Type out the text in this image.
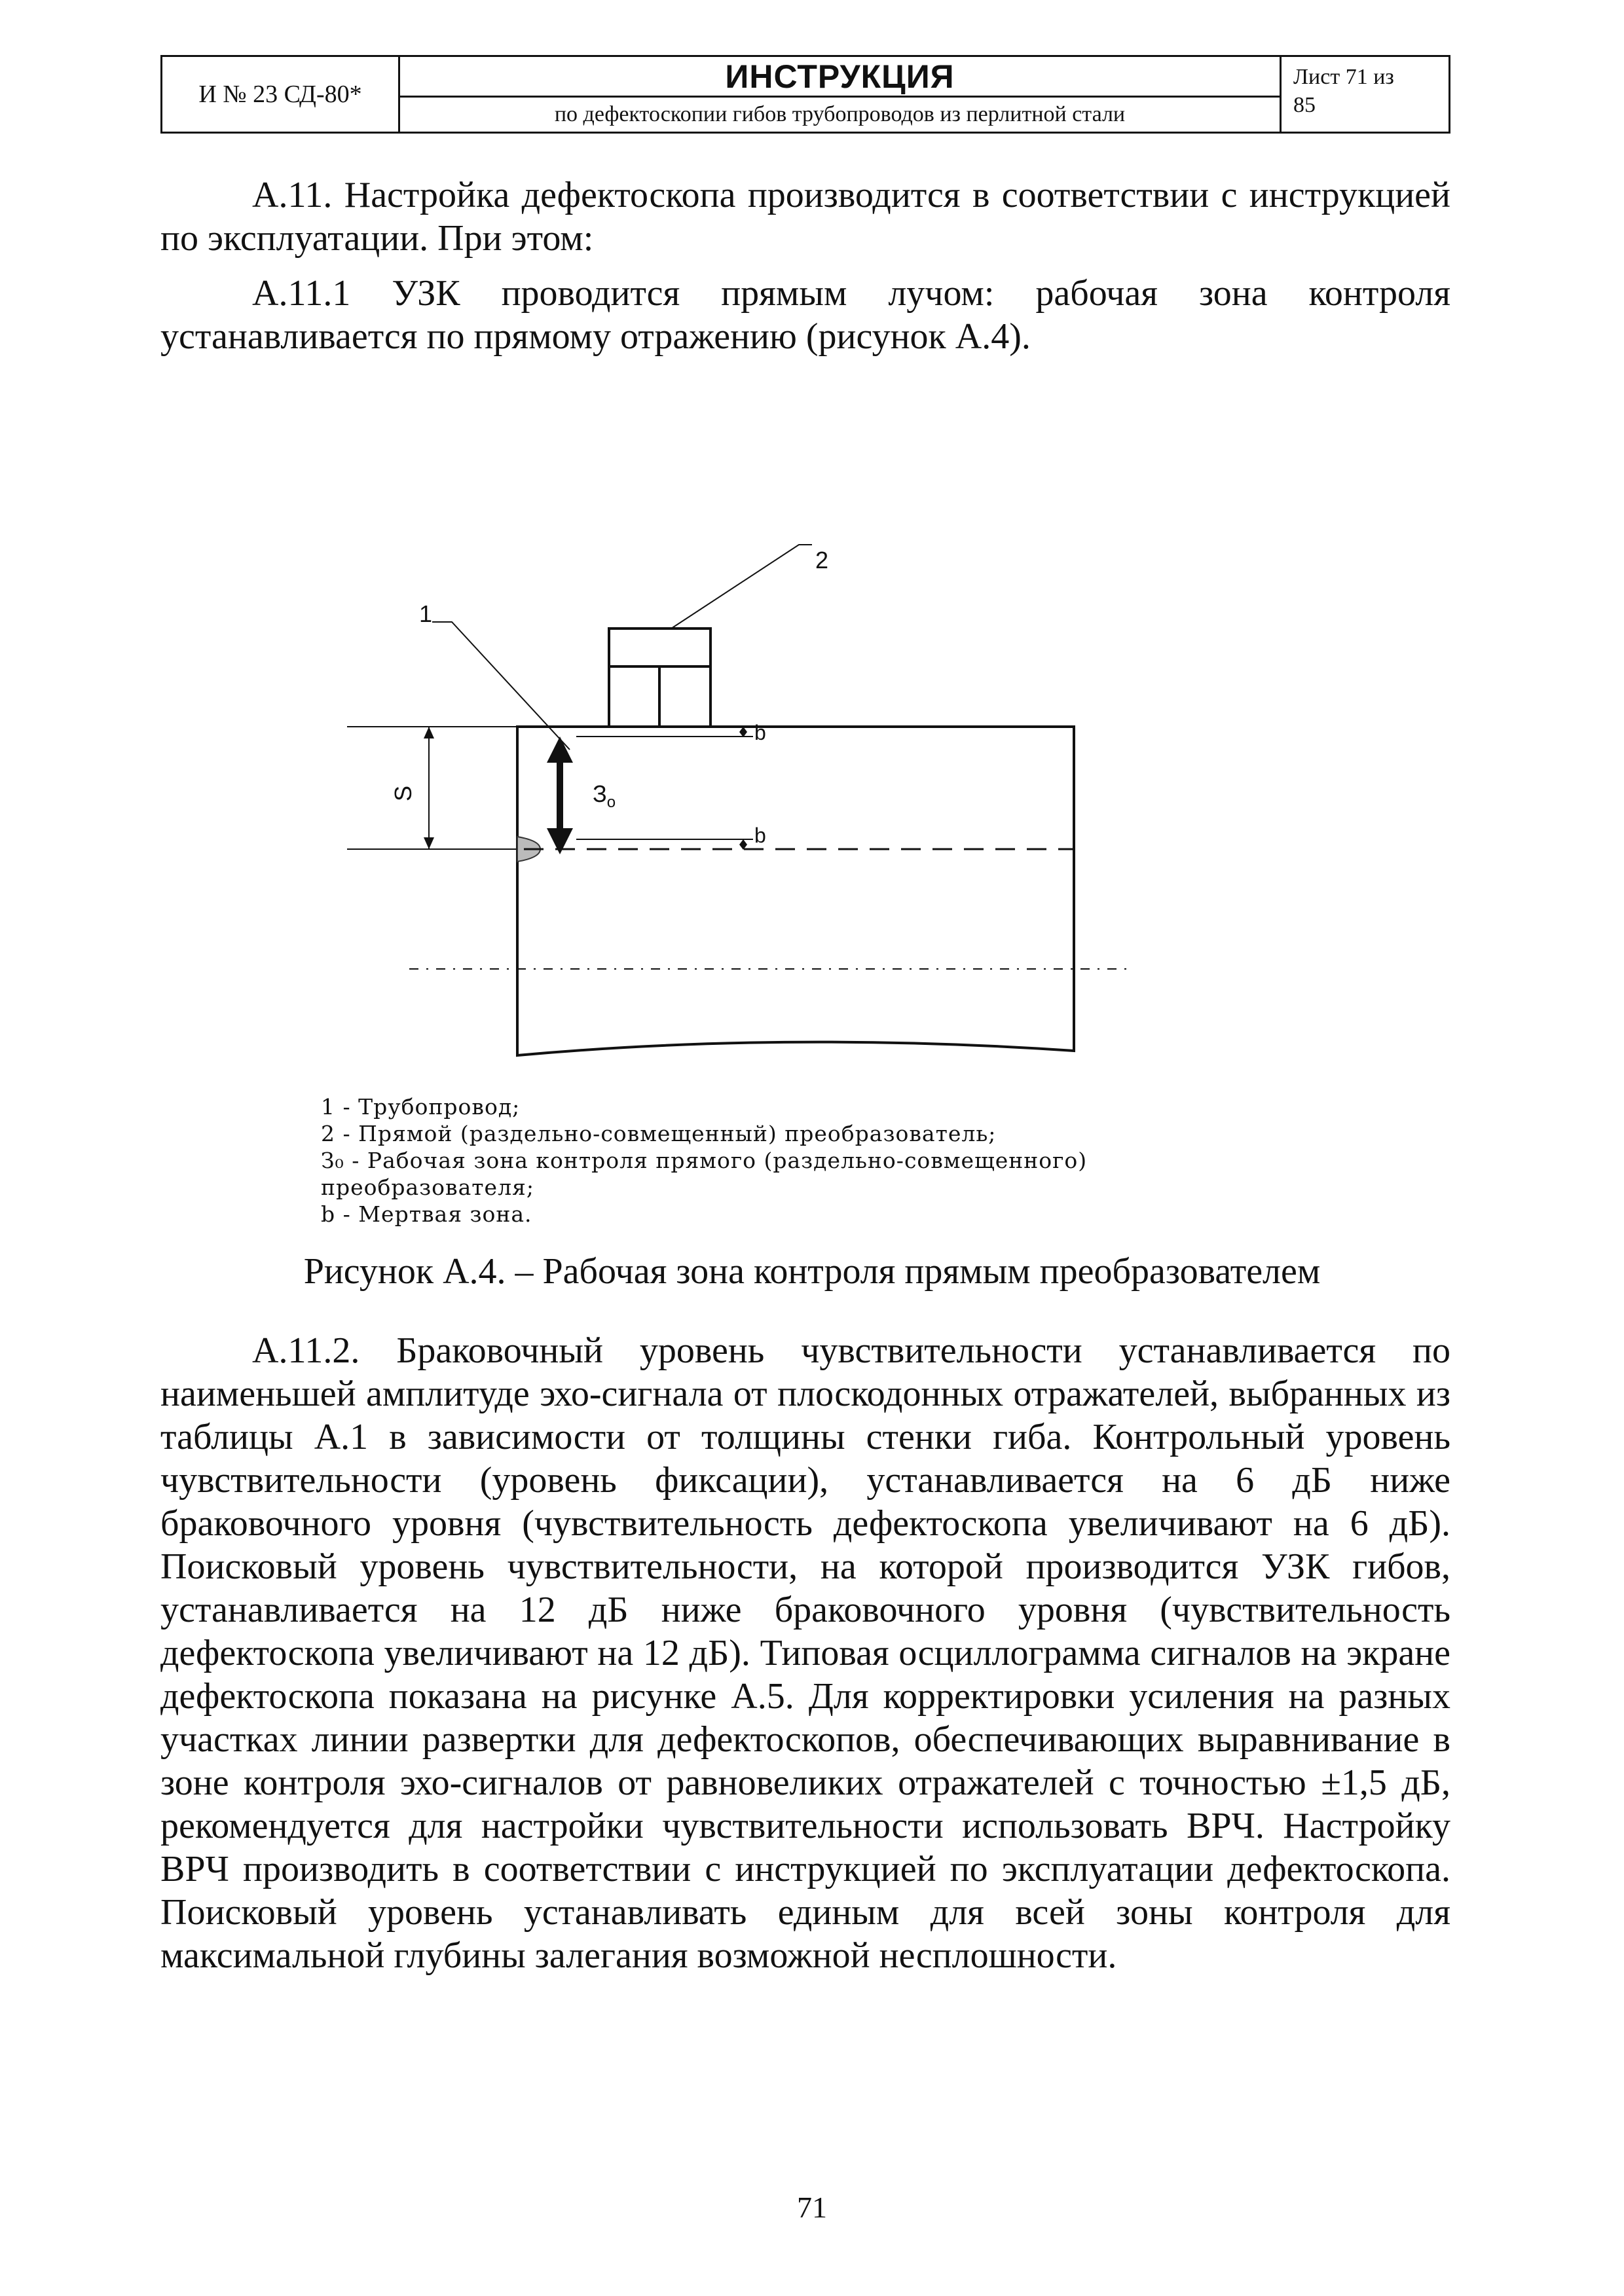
И № 23 СД-80*	ИНСТРУКЦИЯ
по дефектоскопии гибов трубопроводов из перлитной стали
Лист 71 из
85
А.11. Настройка дефектоскопа производится в соответствии с инструкцией по эксплуатации. При этом:
А.11.1 УЗК проводится прямым лучом: рабочая зона контроля устанавливается по прямому отражению (рисунок А.4).
1
2
S	$З_о$
b
b
1 - Трубопровод;
2 - Прямой (раздельно-совмещенный) преобразователь;
З₀ - Рабочая зона контроля прямого (раздельно-совмещенного)
преобразователя;
b - Мертвая зона.
Рисунок А.4. – Рабочая зона контроля прямым преобразователем
А.11.2. Браковочный уровень чувствительности устанавливается по наименьшей амплитуде эхо-сигнала от плоскодонных отражателей, выбранных из таблицы А.1 в зависимости от толщины стенки гиба. Контрольный уровень чувствительности (уровень фиксации), устанавливается на 6 дБ ниже браковочного уровня (чувствительность дефектоскопа увеличивают на 6 дБ). Поисковый уровень чувствительности, на которой производится УЗК гибов, устанавливается на 12 дБ ниже браковочного уровня (чувствительность дефектоскопа увеличивают на 12 дБ). Типовая осциллограмма сигналов на экране дефектоскопа показана на рисунке А.5. Для корректировки усиления на разных участках линии развертки для дефектоскопов, обеспечивающих выравнивание в зоне контроля эхо-сигналов от равновеликих отражателей с точностью ±1,5 дБ, рекомендуется для настройки чувствительности использовать ВРЧ. Настройку ВРЧ производить в соответствии с инструкцией по эксплуатации дефектоскопа. Поисковый уровень устанавливать единым для всей зоны контроля для максимальной глубины залегания возможной несплошности.
71
